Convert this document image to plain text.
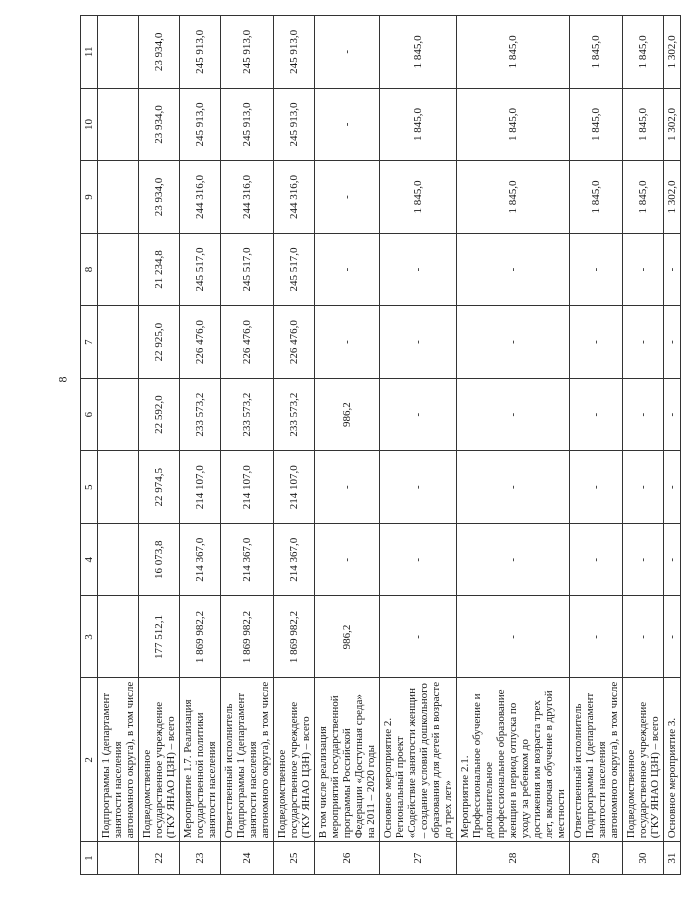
8
1	2	3	4	5	6	7	8	9	10	11
	Подпрограммы 1 (департамент занятости населения автономного округа), в том числе									
22	Подведомственное государственное учреждение (ГКУ ЯНАО ЦЗН) – всего	177 512,1	16 073,8	22 974,5	22 592,0	22 925,0	21 234,8	23 934,0	23 934,0	23 934,0
23	Мероприятие 1.7. Реализация государственной политики занятости населения	1 869 982,2	214 367,0	214 107,0	233 573,2	226 476,0	245 517,0	244 316,0	245 913,0	245 913,0
24	Ответственный исполнитель Подпрограммы 1 (департамент занятости населения автономного округа), в том числе	1 869 982,2	214 367,0	214 107,0	233 573,2	226 476,0	245 517,0	244 316,0	245 913,0	245 913,0
25	Подведомственное государственное учреждение (ГКУ ЯНАО ЦЗН) – всего	1 869 982,2	214 367,0	214 107,0	233 573,2	226 476,0	245 517,0	244 316,0	245 913,0	245 913,0
26	В том числе реализация мероприятий государственной программы Российской Федерации «Доступная среда» на 2011 – 2020 годы	986,2	-	-	986,2	-	-	-	-	-
27	Основное мероприятие 2. Региональный проект «Содействие занятости женщин – создание условий дошкольного образования для детей в возрасте до трех лет»	-	-	-	-	-	-	1 845,0	1 845,0	1 845,0
28	Мероприятие 2.1. Профессиональное обучение и дополнительное профессиональное образование женщин в период отпуска по уходу за ребенком до достижения им возраста трех лет, включая обучение в другой местности	-	-	-	-	-	-	1 845,0	1 845,0	1 845,0
29	Ответственный исполнитель Подпрограммы 1 (департамент занятости населения автономного округа), в том числе	-	-	-	-	-	-	1 845,0	1 845,0	1 845,0
30	Подведомственное государственное учреждение (ГКУ ЯНАО ЦЗН) – всего	-	-	-	-	-	-	1 845,0	1 845,0	1 845,0
31	Основное мероприятие 3.	-	-	-	-	-	-	1 302,0	1 302,0	1 302,0
